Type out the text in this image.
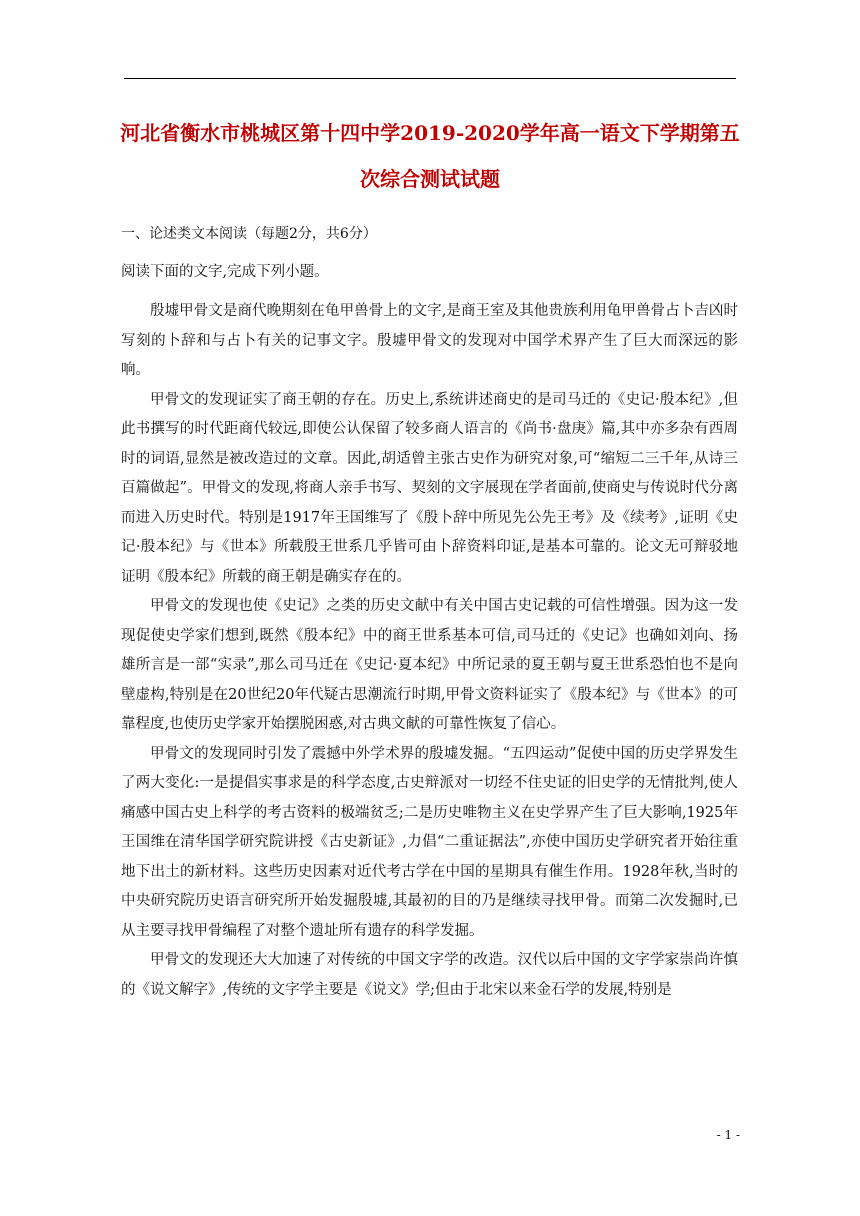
河北省衡水市桃城区第十四中学2019-2020学年高一语文下学期第五次综合测试试题
一、论述类文本阅读（每题2分，共6分）
阅读下面的文字,完成下列小题。

殷墟甲骨文是商代晚期刻在龟甲兽骨上的文字,是商王室及其他贵族利用龟甲兽骨占卜吉凶时写刻的卜辞和与占卜有关的记事文字。殷墟甲骨文的发现对中国学术界产生了巨大而深远的影响。

甲骨文的发现证实了商王朝的存在。历史上,系统讲述商史的是司马迁的《史记·殷本纪》,但此书撰写的时代距商代较远,即使公认保留了较多商人语言的《尚书·盘庚》篇,其中亦多杂有西周时的词语,显然是被改造过的文章。因此,胡适曾主张古史作为研究对象,可“缩短二三千年,从诗三百篇做起”。甲骨文的发现,将商人亲手书写、契刻的文字展现在学者面前,使商史与传说时代分离而进入历史时代。特别是1917年王国维写了《殷卜辞中所见先公先王考》及《续考》,证明《史记·殷本纪》与《世本》所载殷王世系几乎皆可由卜辞资料印证,是基本可靠的。论文无可辩驳地证明《殷本纪》所载的商王朝是确实存在的。

甲骨文的发现也使《史记》之类的历史文献中有关中国古史记载的可信性增强。因为这一发现促使史学家们想到,既然《殷本纪》中的商王世系基本可信,司马迁的《史记》也确如刘向、扬雄所言是一部“实录”,那么司马迁在《史记·夏本纪》中所记录的夏王朝与夏王世系恐怕也不是向壁虚构,特别是在20世纪20年代疑古思潮流行时期,甲骨文资料证实了《殷本纪》与《世本》的可靠程度,也使历史学家开始摆脱困惑,对古典文献的可靠性恢复了信心。

甲骨文的发现同时引发了震撼中外学术界的殷墟发掘。“五四运动”促使中国的历史学界发生了两大变化:一是提倡实事求是的科学态度,古史辩派对一切经不住史证的旧史学的无情批判,使人痛感中国古史上科学的考古资料的极端贫乏;二是历史唯物主义在史学界产生了巨大影响,1925年王国维在清华国学研究院讲授《古史新证》,力倡“二重证据法”,亦使中国历史学研究者开始往重地下出土的新材料。这些历史因素对近代考古学在中国的星期具有催生作用。1928年秋,当时的中央研究院历史语言研究所开始发掘殷墟,其最初的目的乃是继续寻找甲骨。而第二次发掘时,已从主要寻找甲骨编程了对整个遗址所有遗存的科学发掘。

甲骨文的发现还大大加速了对传统的中国文字学的改造。汉代以后中国的文字学家崇尚许慎的《说文解字》,传统的文字学主要是《说文》学;但由于北宋以来金石学的发展,特别是

- 1 -
